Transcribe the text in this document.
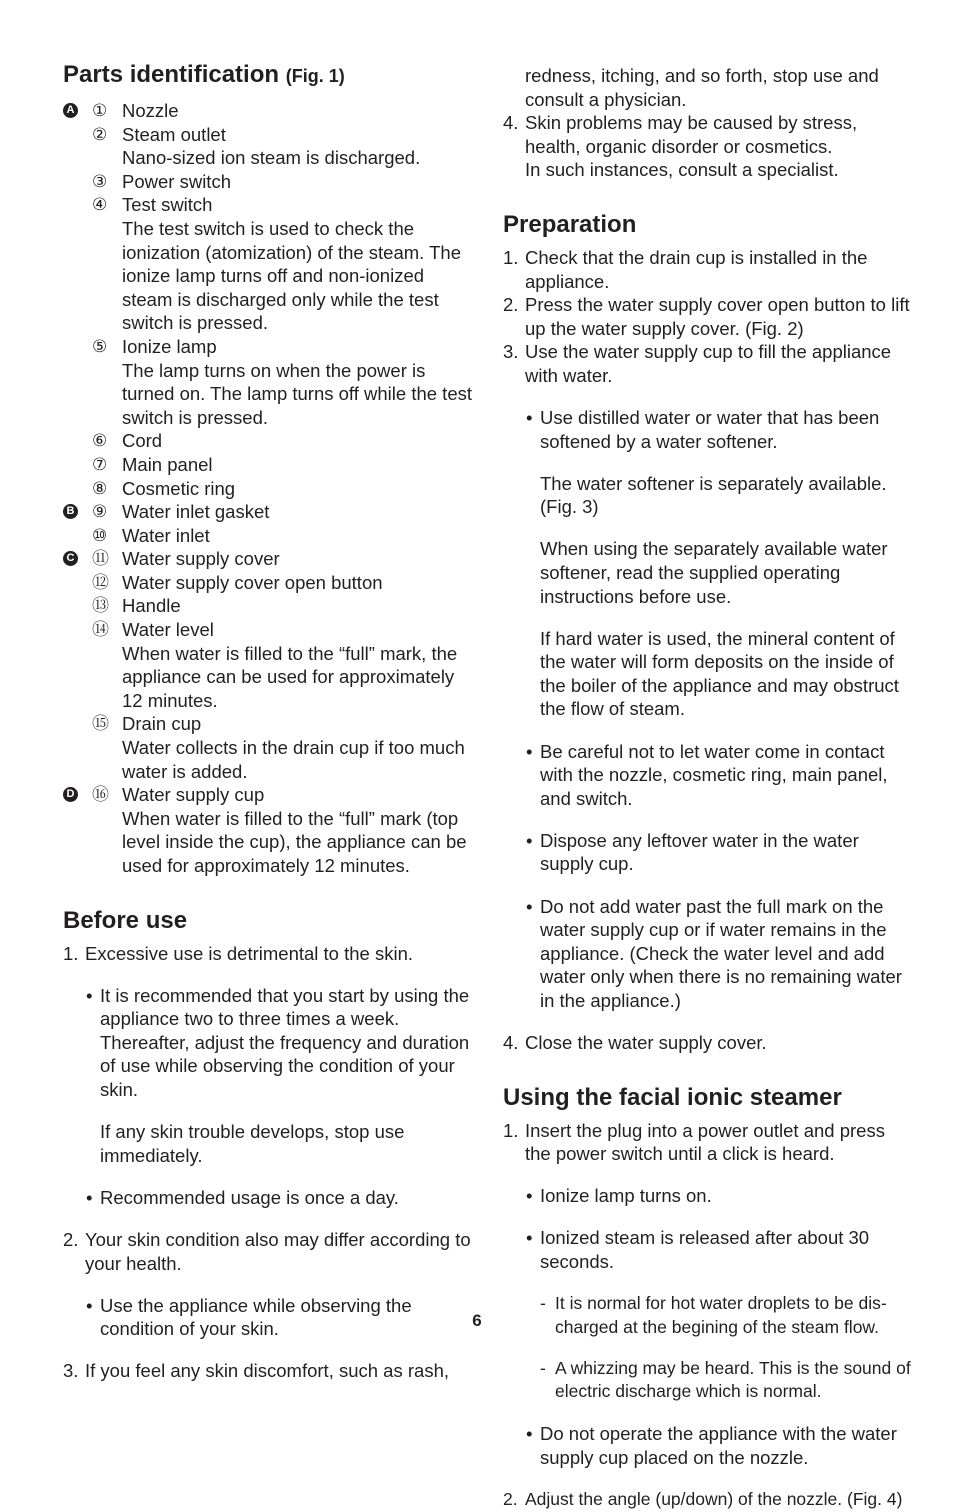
Parts identification (Fig. 1)
A ① Nozzle

② Steam outlet

Nano-sized ion steam is discharged.

③ Power switch

④ Test switch

The test switch is used to check the ionization (atomization) of the steam. The ionize lamp turns off and non-ionized steam is discharged only while the test switch is pressed.

⑤ Ionize lamp

The lamp turns on when the power is turned on. The lamp turns off while the test switch is pressed.

⑥ Cord

⑦ Main panel

⑧ Cosmetic ring

B ⑨ Water inlet gasket

⑩ Water inlet

C ⑪ Water supply cover

⑫ Water supply cover open button

⑬ Handle

⑭ Water level

When water is filled to the “full” mark, the appliance can be used for approximately 12 minutes.

⑮ Drain cup

Water collects in the drain cup if too much water is added.

D ⑯ Water supply cup

When water is filled to the “full” mark (top level inside the cup), the appliance can be used for approximately 12 minutes.

Before use
1. Excessive use is detrimental to the skin.

• It is recommended that you start by using the appliance two to three times a week. Thereafter, adjust the frequency and duration of use while observing the condition of your skin.

If any skin trouble develops, stop use immediately.

• Recommended usage is once a day.

2. Your skin condition also may differ according to your health.

• Use the appliance while observing the condition of your skin.

3. If you feel any skin discomfort, such as rash,

redness, itching, and so forth, stop use and consult a physician.

4. Skin problems may be caused by stress, health, organic disorder or cosmetics.

In such instances, consult a specialist.

Preparation
1. Check that the drain cup is installed in the appliance.

2. Press the water supply cover open button to lift up the water supply cover. (Fig. 2)

3. Use the water supply cup to fill the appliance with water.

• Use distilled water or water that has been softened by a water softener.

The water softener is separately available. (Fig. 3)

When using the separately available water softener, read the supplied operating instructions before use.

If hard water is used, the mineral content of the water will form deposits on the inside of the boiler of the appliance and may obstruct the flow of steam.

• Be careful not to let water come in contact with the nozzle, cosmetic ring, main panel, and switch.

• Dispose any leftover water in the water supply cup.

• Do not add water past the full mark on the water supply cup or if water remains in the appliance. (Check the water level and add water only when there is no remaining water in the appliance.)

4. Close the water supply cover.

Using the facial ionic steamer
1. Insert the plug into a power outlet and press the power switch until a click is heard.

• Ionize lamp turns on.

• Ionized steam is released after about 30 seconds.

- It is normal for hot water droplets to be dis-charged at the begining of the steam flow.

- A whizzing may be heard. This is the sound of electric discharge which is normal.

• Do not operate the appliance with the water supply cup placed on the nozzle.

2. Adjust the angle (up/down) of the nozzle. (Fig. 4)

6
